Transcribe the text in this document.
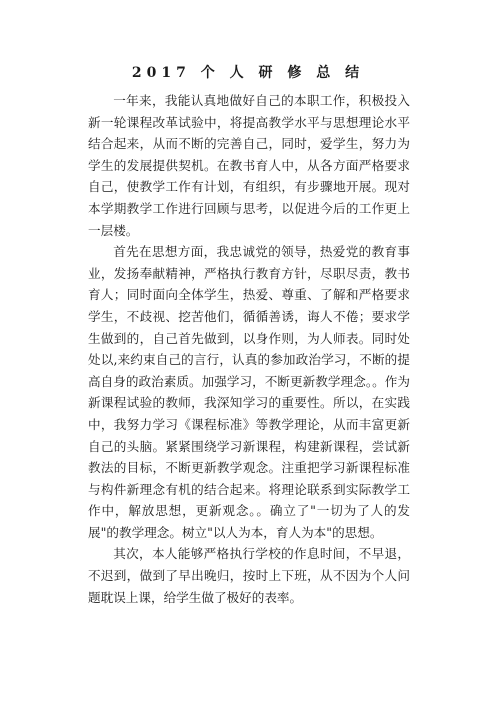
2017 个 人 研 修 总 结

一年来，我能认真地做好自己的本职工作，积极投入新一轮课程改革试验中，将提高教学水平与思想理论水平结合起来，从而不断的完善自己，同时，爱学生，努力为学生的发展提供契机。在教书育人中，从各方面严格要求自己，使教学工作有计划，有组织，有步骤地开展。现对本学期教学工作进行回顾与思考，以促进今后的工作更上一层楼。

首先在思想方面，我忠诚党的领导，热爱党的教育事业，发扬奉献精神，严格执行教育方针，尽职尽责，教书育人；同时面向全体学生，热爱、尊重、了解和严格要求学生，不歧视、挖苦他们，循循善诱，诲人不倦；要求学生做到的，自己首先做到，以身作则，为人师表。同时处处以,来约束自己的言行，认真的参加政治学习，不断的提高自身的政治素质。加强学习，不断更新教学理念。。作为新课程试验的教师，我深知学习的重要性。所以，在实践中，我努力学习《课程标准》等教学理论，从而丰富更新自己的头脑。紧紧围绕学习新课程，构建新课程，尝试新教法的目标，不断更新教学观念。注重把学习新课程标准与构件新理念有机的结合起来。将理论联系到实际教学工作中，解放思想，更新观念。。确立了"一切为了人的发展"的教学理念。树立"以人为本，育人为本"的思想。

其次，本人能够严格执行学校的作息时间，不早退，不迟到，做到了早出晚归，按时上下班，从不因为个人问题耽误上课，给学生做了极好的表率。
